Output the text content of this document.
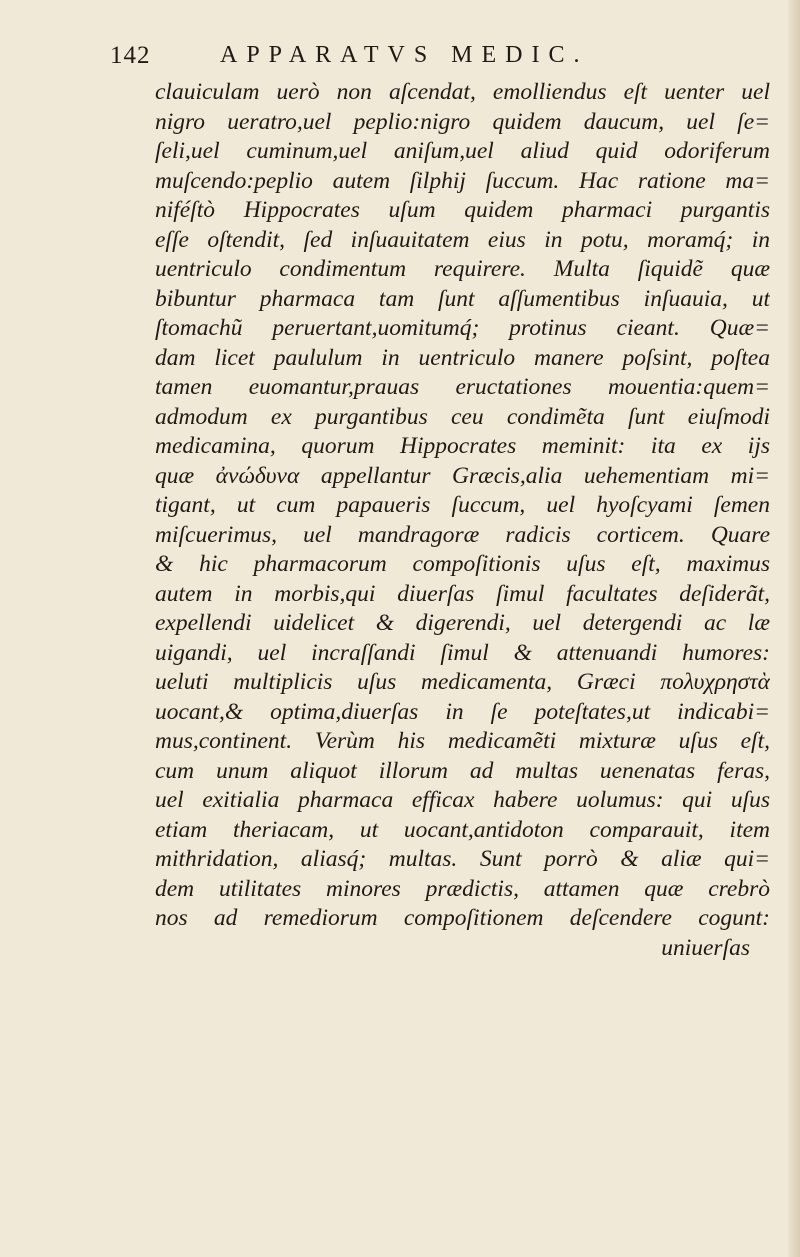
142	APPARATVS MEDIC.
clauiculam uerò non aſcendat, emolliendus eſt uenter uel
nigro ueratro,uel peplio:nigro quidem daucum, uel ſe=
ſeli,uel cuminum,uel aniſum,uel aliud quid odoriferum
muſcendo:peplio autem ſilphij ſuccum. Hac ratione ma=
niféſtò Hippocrates uſum quidem pharmaci purgantis
eſſe oſtendit, ſed inſuauitatem eius in potu, moramq́; in
uentriculo condimentum requirere. Multa ſiquidẽ quæ
bibuntur pharmaca tam ſunt aſſumentibus inſuauia, ut
ſtomachũ peruertant,uomitumq́; protinus cieant. Quæ=
dam licet paululum in uentriculo manere poſsint, poſtea
tamen euomantur,prauas eructationes mouentia:quem=
admodum ex purgantibus ceu condimẽta ſunt eiuſmodi
medicamina, quorum Hippocrates meminit: ita ex ijs
quæ ἀνώδυνα appellantur Græcis,alia uehementiam mi=
tigant, ut cum papaueris ſuccum, uel hyoſcyami ſemen
miſcuerimus, uel mandragoræ radicis corticem. Quare
& hic pharmacorum compoſitionis uſus eſt, maximus
autem in morbis,qui diuerſas ſimul facultates deſiderãt,
expellendi uidelicet & digerendi, uel detergendi ac læ
uigandi, uel incraſſandi ſimul & attenuandi humores:
ueluti multiplicis uſus medicamenta, Græci πολυχρηστὰ
uocant,& optima,diuerſas in ſe poteſtates,ut indicabi=
mus,continent. Verùm his medicamẽti mixturæ uſus eſt,
cum unum aliquot illorum ad multas uenenatas feras,
uel exitialia pharmaca efficax habere uolumus: qui uſus
etiam theriacam, ut uocant,antidoton comparauit, item
mithridation, aliasq́; multas. Sunt porrò & aliæ qui=
dem utilitates minores prædictis, attamen quæ crebrò
nos ad remediorum compoſitionem deſcendere cogunt:
uniuerſas
